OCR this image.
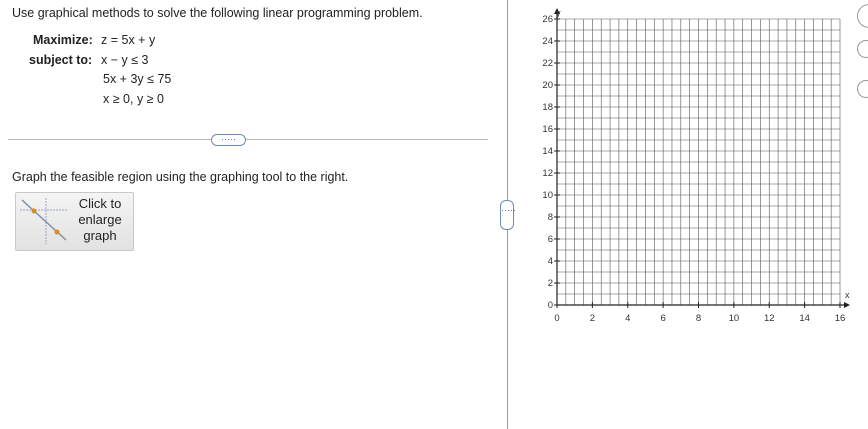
Use graphical methods to solve the following linear programming problem.
Maximize: z = 5x + y
subject to: x − y ≤ 3
5x + 3y ≤ 75
x ≥ 0, y ≥ 0
·····
Graph the feasible region using the graphing tool to the right.
Click to
enlarge
graph
·····
0	2	4	6	8	10	12	14	16
0
2
4
6
8
10
12
14
16
18
20
22
24
26
x
y
